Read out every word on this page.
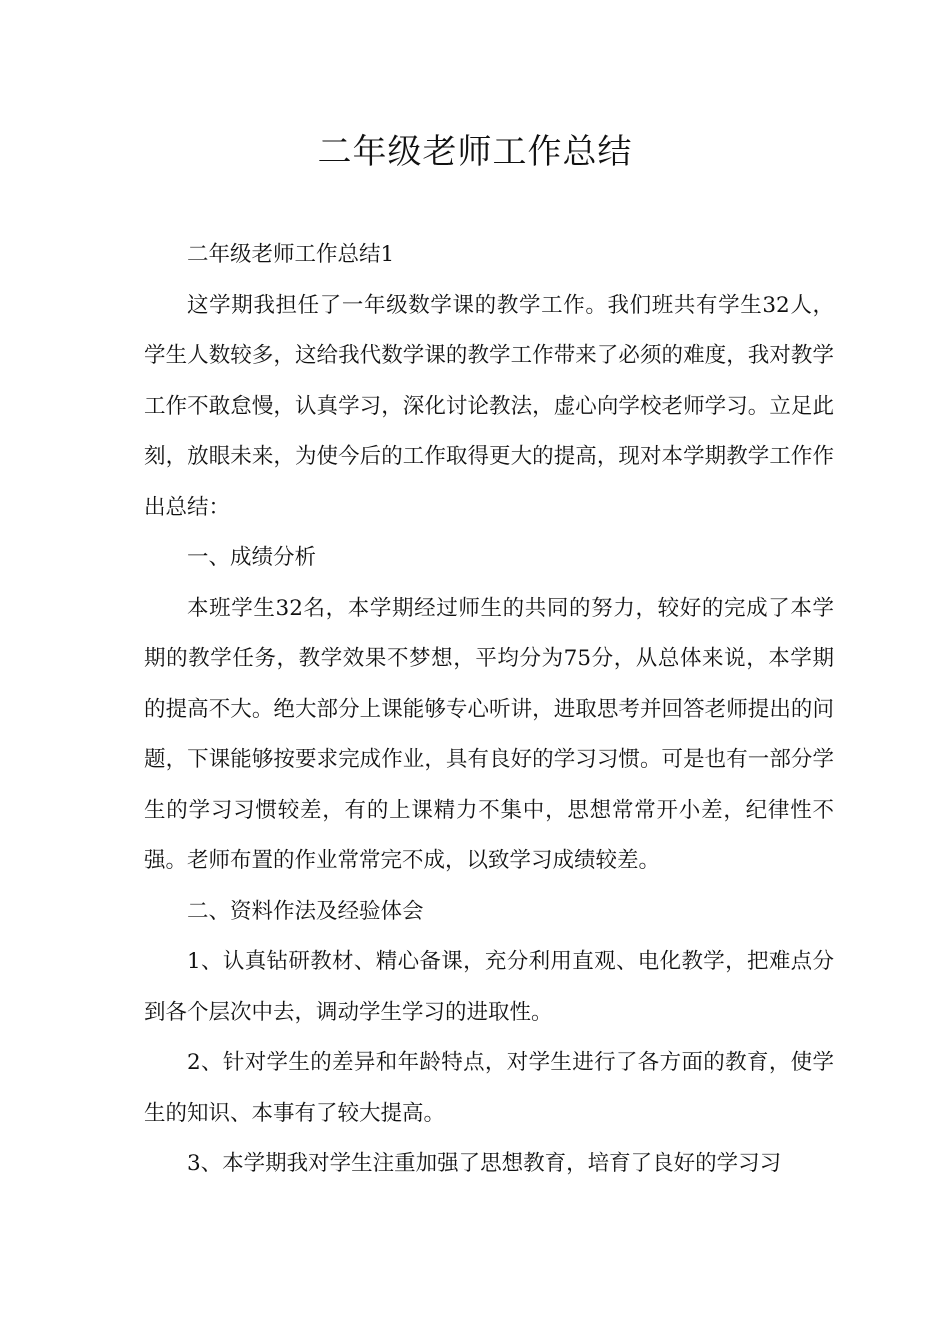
二年级老师工作总结

二年级老师工作总结1

这学期我担任了一年级数学课的教学工作。我们班共有学生32人，学生人数较多，这给我代数学课的教学工作带来了必须的难度，我对教学工作不敢怠慢，认真学习，深化讨论教法，虚心向学校老师学习。立足此刻，放眼未来，为使今后的工作取得更大的提高，现对本学期教学工作作出总结：

一、成绩分析

本班学生32名，本学期经过师生的共同的努力，较好的完成了本学期的教学任务，教学效果不梦想，平均分为75分，从总体来说，本学期的提高不大。绝大部分上课能够专心听讲，进取思考并回答老师提出的问题，下课能够按要求完成作业，具有良好的学习习惯。可是也有一部分学生的学习习惯较差，有的上课精力不集中，思想常常开小差，纪律性不强。老师布置的作业常常完不成，以致学习成绩较差。

二、资料作法及经验体会

1、认真钻研教材、精心备课，充分利用直观、电化教学，把难点分到各个层次中去，调动学生学习的进取性。

2、针对学生的差异和年龄特点，对学生进行了各方面的教育，使学生的知识、本事有了较大提高。

3、本学期我对学生注重加强了思想教育，培育了良好的学习习
